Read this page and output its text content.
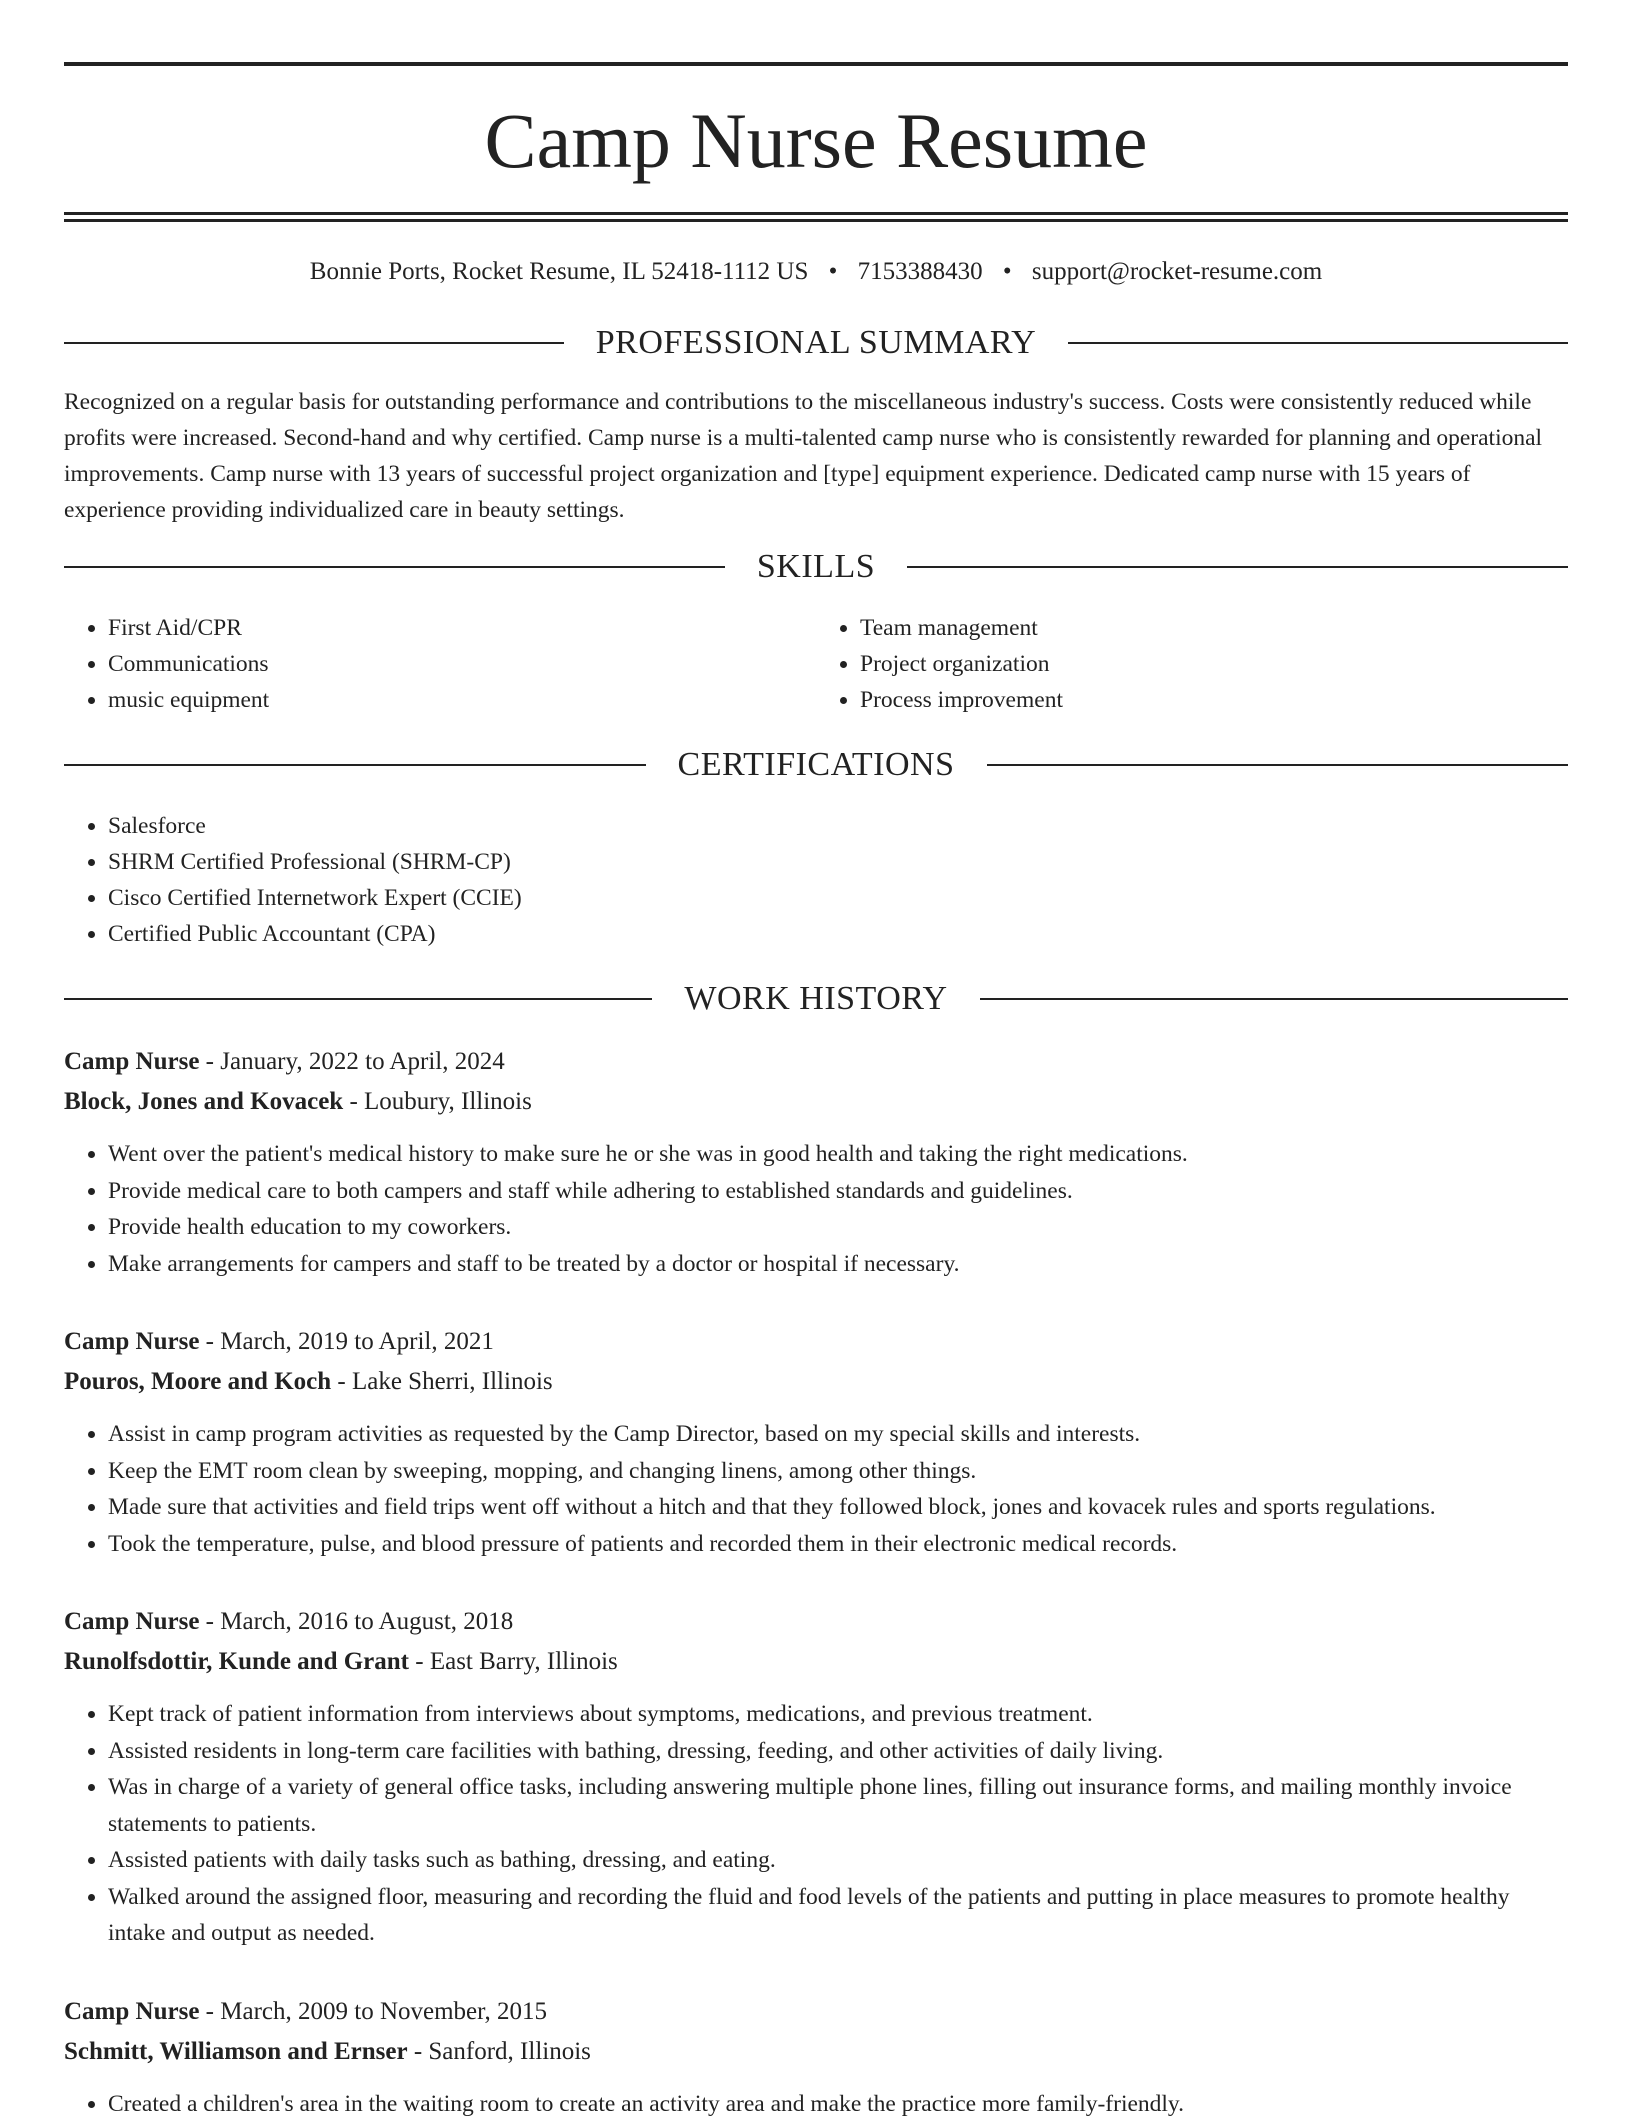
Camp Nurse Resume
Bonnie Ports, Rocket Resume, IL 52418-1112 US • 7153388430 • support@rocket-resume.com
PROFESSIONAL SUMMARY

Recognized on a regular basis for outstanding performance and contributions to the miscellaneous industry's success. Costs were consistently reduced while profits were increased. Second-hand and why certified. Camp nurse is a multi-talented camp nurse who is consistently rewarded for planning and operational improvements. Camp nurse with 13 years of successful project organization and [type] equipment experience. Dedicated camp nurse with 15 years of experience providing individualized care in beauty settings.

SKILLS
• First Aid/CPR
• Communications
• music equipment
• Team management
• Project organization
• Process improvement
CERTIFICATIONS
• Salesforce
• SHRM Certified Professional (SHRM-CP)
• Cisco Certified Internetwork Expert (CCIE)
• Certified Public Accountant (CPA)
WORK HISTORY
Camp Nurse - January, 2022 to April, 2024
Block, Jones and Kovacek - Loubury, Illinois
• Went over the patient's medical history to make sure he or she was in good health and taking the right medications.
• Provide medical care to both campers and staff while adhering to established standards and guidelines.
• Provide health education to my coworkers.
• Make arrangements for campers and staff to be treated by a doctor or hospital if necessary.
Camp Nurse - March, 2019 to April, 2021
Pouros, Moore and Koch - Lake Sherri, Illinois
• Assist in camp program activities as requested by the Camp Director, based on my special skills and interests.
• Keep the EMT room clean by sweeping, mopping, and changing linens, among other things.
• Made sure that activities and field trips went off without a hitch and that they followed block, jones and kovacek rules and sports regulations.
• Took the temperature, pulse, and blood pressure of patients and recorded them in their electronic medical records.
Camp Nurse - March, 2016 to August, 2018
Runolfsdottir, Kunde and Grant - East Barry, Illinois
• Kept track of patient information from interviews about symptoms, medications, and previous treatment.
• Assisted residents in long-term care facilities with bathing, dressing, feeding, and other activities of daily living.
• Was in charge of a variety of general office tasks, including answering multiple phone lines, filling out insurance forms, and mailing monthly invoice statements to patients.
• Assisted patients with daily tasks such as bathing, dressing, and eating.
• Walked around the assigned floor, measuring and recording the fluid and food levels of the patients and putting in place measures to promote healthy intake and output as needed.
Camp Nurse - March, 2009 to November, 2015
Schmitt, Williamson and Ernser - Sanford, Illinois
• Created a children's area in the waiting room to create an activity area and make the practice more family-friendly.
